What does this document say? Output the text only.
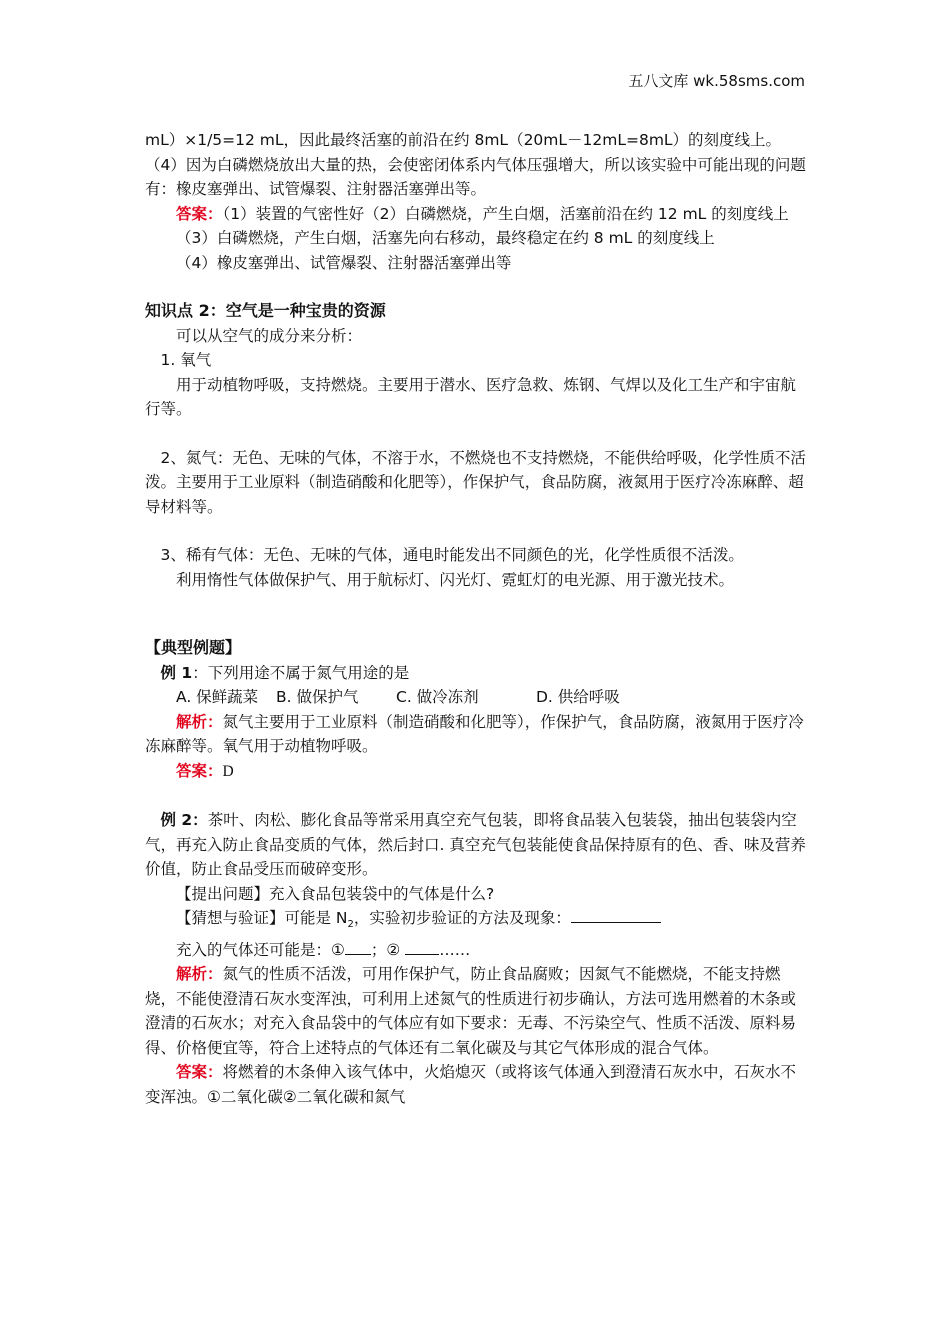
五八文库 wk.58sms.com

mL）×1/5=12 mL，因此最终活塞的前沿在约 8mL（20mL－12mL=8mL）的刻度线上。

（4）因为白磷燃烧放出大量的热，会使密闭体系内气体压强增大，所以该实验中可能出现的问题有：橡皮塞弹出、试管爆裂、注射器活塞弹出等。

答案：（1）装置的气密性好（2）白磷燃烧，产生白烟，活塞前沿在约 12 mL 的刻度线上

（3）白磷燃烧，产生白烟，活塞先向右移动，最终稳定在约 8 mL 的刻度线上

（4）橡皮塞弹出、试管爆裂、注射器活塞弹出等

知识点 2：空气是一种宝贵的资源

可以从空气的成分来分析：

1. 氧气

用于动植物呼吸，支持燃烧。主要用于潜水、医疗急救、炼钢、气焊以及化工生产和宇宙航行等。

2、氮气：无色、无味的气体，不溶于水，不燃烧也不支持燃烧，不能供给呼吸，化学性质不活泼。主要用于工业原料（制造硝酸和化肥等），作保护气，食品防腐，液氮用于医疗冷冻麻醉、超导材料等。

3、稀有气体：无色、无味的气体，通电时能发出不同颜色的光，化学性质很不活泼。

利用惰性气体做保护气、用于航标灯、闪光灯、霓虹灯的电光源、用于激光技术。

【典型例题】

例 1：下列用途不属于氮气用途的是

A. 保鲜蔬菜 B. 做保护气 C. 做冷冻剂	D. 供给呼吸

解析：氮气主要用于工业原料（制造硝酸和化肥等），作保护气，食品防腐，液氮用于医疗冷冻麻醉等。氧气用于动植物呼吸。

答案：D

例 2：茶叶、肉松、膨化食品等常采用真空充气包装，即将食品装入包装袋，抽出包装袋内空气，再充入防止食品变质的气体，然后封口. 真空充气包装能使食品保持原有的色、香、味及营养价值，防止食品受压而破碎变形。

【提出问题】充入食品包装袋中的气体是什么?

【猜想与验证】可能是 $N_2$，实验初步验证的方法及现象：

充入的气体还可能是：① ；②	……

解析：氮气的性质不活泼，可用作保护气，防止食品腐败；因氮气不能燃烧，不能支持燃烧，不能使澄清石灰水变浑浊，可利用上述氮气的性质进行初步确认，方法可选用燃着的木条或澄清的石灰水；对充入食品袋中的气体应有如下要求：无毒、不污染空气、性质不活泼、原料易得、价格便宜等，符合上述特点的气体还有二氧化碳及与其它气体形成的混合气体。

答案：将燃着的木条伸入该气体中，火焰熄灭（或将该气体通入到澄清石灰水中，石灰水不变浑浊。①二氧化碳②二氧化碳和氮气
